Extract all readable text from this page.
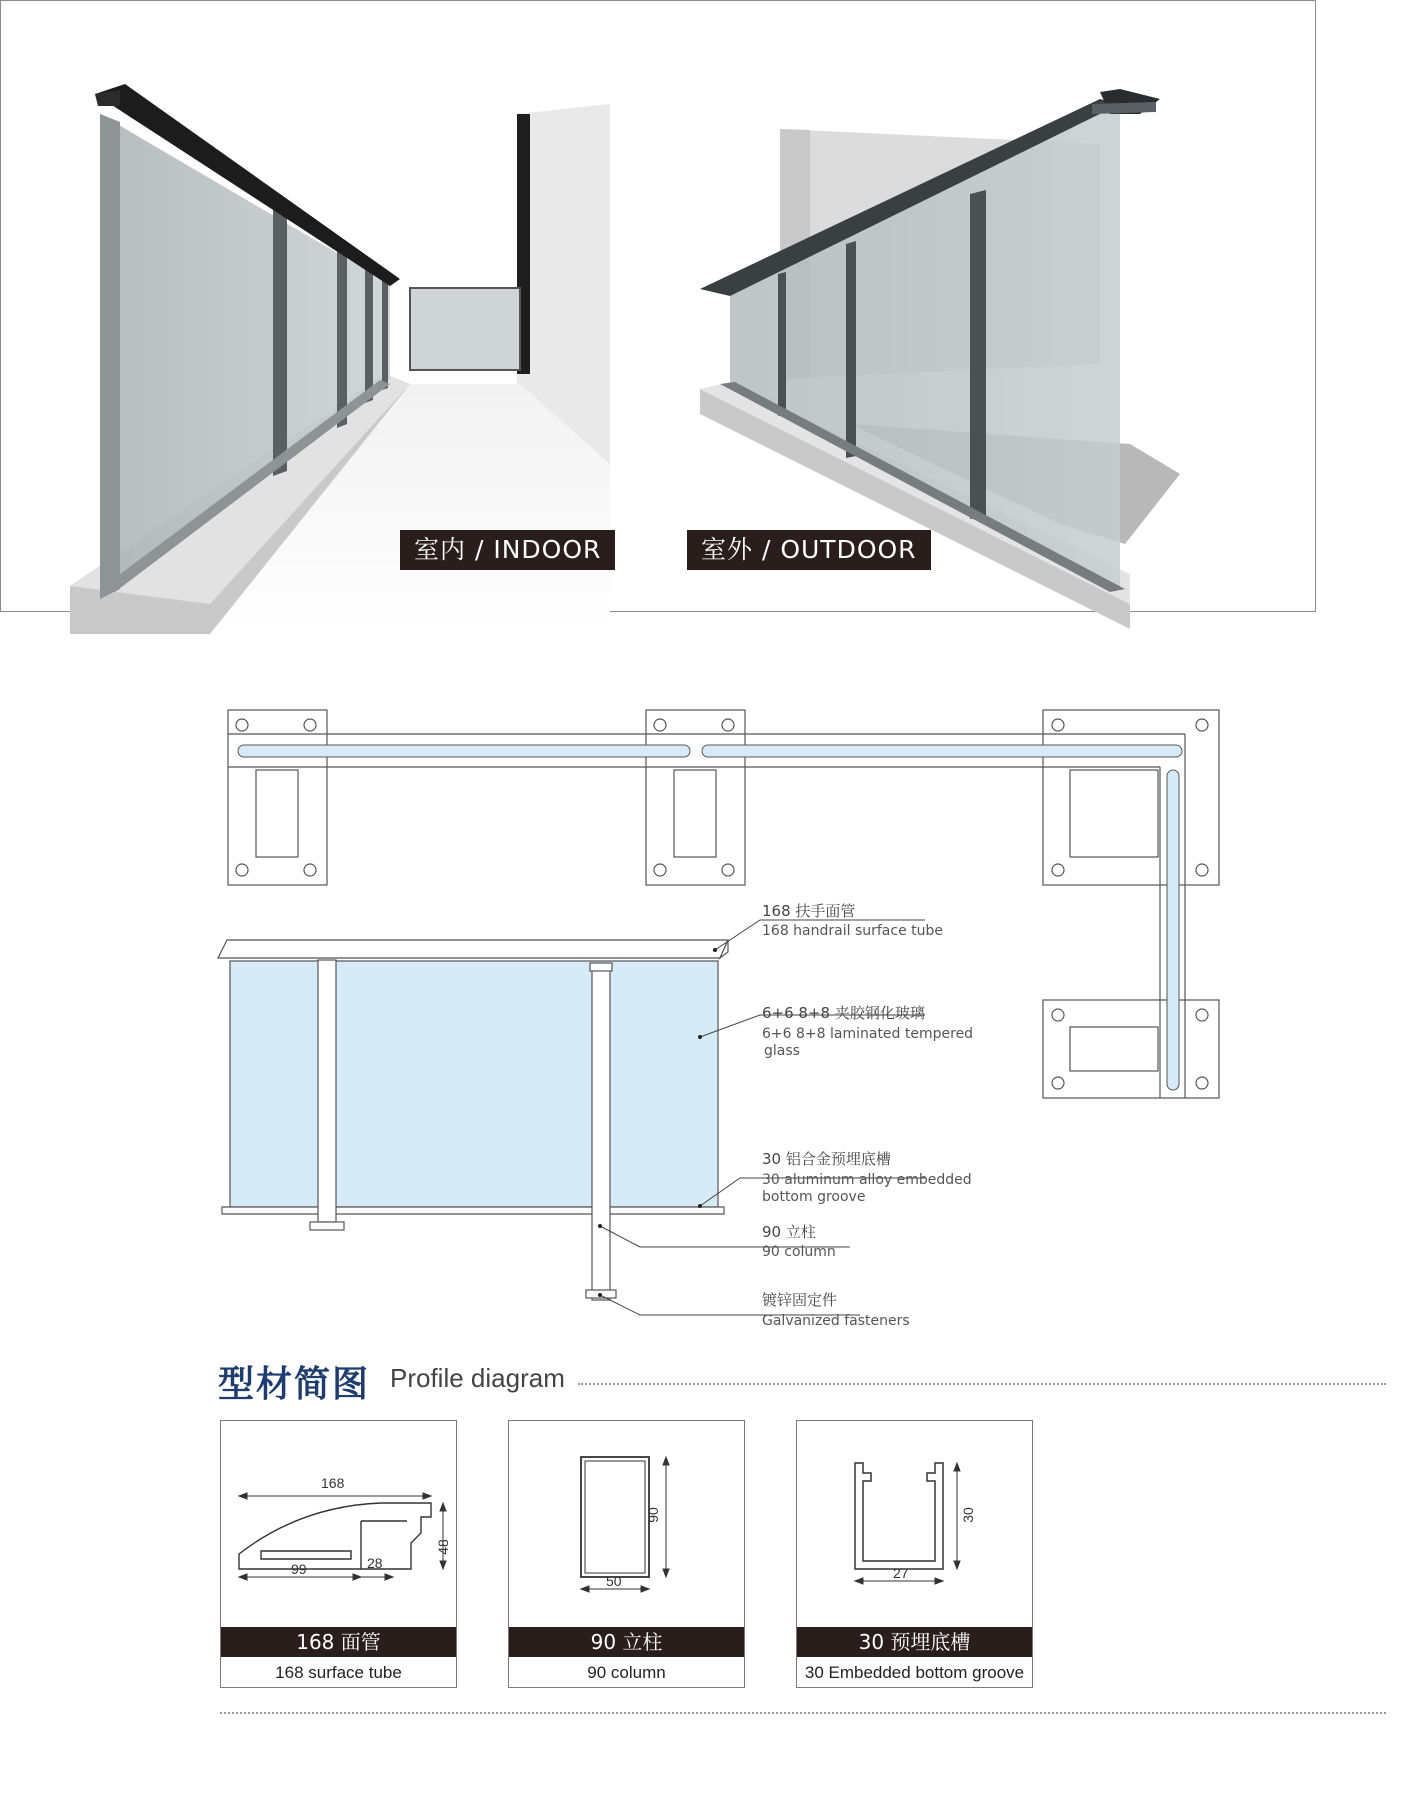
室内 / INDOOR	室外 / OUTDOOR
168 扶手面管
168 handrail surface tube
6+6 8+8 夹胶钢化玻璃
6+6 8+8 laminated tempered
glass
30 铝合金预埋底槽
30 aluminum alloy embedded
bottom groove
90 立柱
90 column
镀锌固定件
Galvanized fasteners
型材简图 Profile diagram
168
99	28
48
168 面管
168 surface tube
50
90
90 立柱
90 column
27
30
30 预埋底槽
30 Embedded bottom groove
